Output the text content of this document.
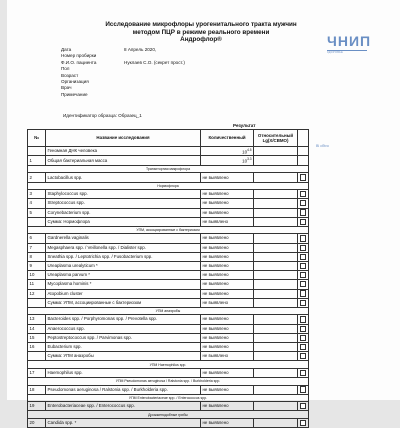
Исследование микрофлоры урогенитального тракта мужчин
методом ПЦР в режиме реального времени
Андрофлор®	ЧНИП
ЗДОРОВЬЕ
Дата	8 Апрель 2020,
Номер пробирки
Ф.И.О. пациента	Нуклаев С.О. (секрет прост.)
Пол
Возраст
Организация
Врач
Примечание
Идентификатор образца: Образец_1
Результат
Bl сбtvo
№	Название исследования	Количественный	Относительный Lg(X/СВМО)	
	Геномная ДНК человека	$10^{4.5}$		
1	Общая бактериальная масса	$10^{3.3}$		
Транзиторная микрофлора				
2	Lactobacillus spp.	не выявлено		
Нормофлора				
3	Staphylococcus spp.	не выявлено		
4	Streptococcus spp.	не выявлено		
5	Corynebacterium spp.	не выявлено		
	Сумма: Нормофлора	не выявлено		
УПМ, ассоциированные с бактериозом				
6	Gardnerella vaginalis	не выявлено		
7	Megasphaera spp. / Veillonella spp. / Dialister spp.	не выявлено		
8	Sneathia spp. / Leptotrichia spp. / Fusobacterium spp.	не выявлено		
9	Ureaplasma urealyticum *	не выявлено		
10	Ureaplasma parvum *	не выявлено		
11	Mycoplasma hominis *	не выявлено		
12	Atopobium cluster	не выявлено		
	Сумма: УПМ, ассоциированные с бактериозом	не выявлено		
УПМ анаэробы				
13	Bacteroides spp. / Porphyromonas spp. / Prevotella spp.	не выявлено		
14	Anaerococcus spp.	не выявлено		
15	Peptostreptococcus spp. / Parvimonas spp.	не выявлено		
16	Eubacterium spp.	не выявлено		
	Сумма: УПМ анаэробы	не выявлено		
УПМ Haemophilus spp.				
17	Haemophilus spp.	не выявлено		
УПМ Pseudomonas aeruginosa / Ralstonia spp. / Burkholderia spp.				
18	Pseudomonas aeruginosa / Ralstonia spp. / Burkholderia spp.	не выявлено		
УПМ Enterobacteriaceae spp. / Enterococcus spp.				
19	Enterobacteriaceae spp. / Enterococcus spp.	не выявлено		
Дрожжеподобные грибы				
20	Candida spp. *	не выявлено		
